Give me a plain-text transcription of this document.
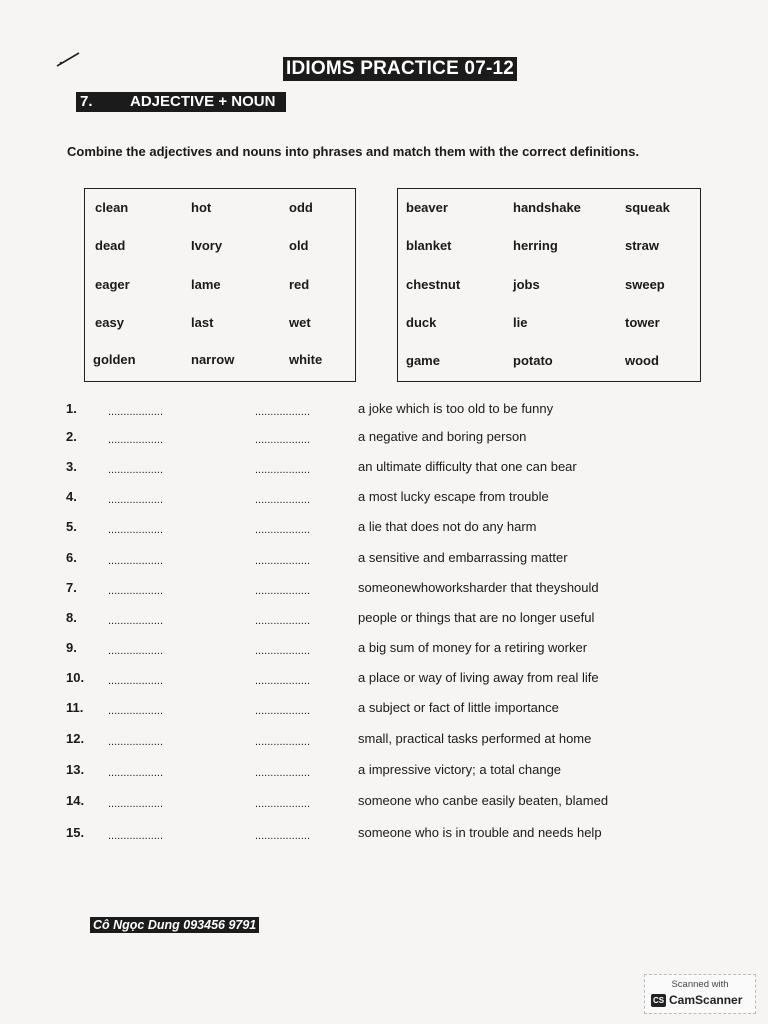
IDIOMS PRACTICE 07-12
7. ADJECTIVE + NOUN
Combine the adjectives and nouns into phrases and match them with the correct definitions.
clean	hot	odd
dead	Ivory	old
eager	lame	red
easy	last	wet
golden	narrow	white
beaver	handshake	squeak
blanket	herring	straw
chestnut	jobs	sweep
duck	lie	tower
game	potato	wood
1.	..................	..................	a joke which is too old to be funny
2.	..................	..................	a negative and boring person
3.	..................	..................	an ultimate difficulty that one can bear
4.	..................	..................	a most lucky escape from trouble
5.	..................	..................	a lie that does not do any harm
6.	..................	..................	a sensitive and embarrassing matter
7.	..................	..................	someonewhoworksharder that theyshould
8.	..................	..................	people or things that are no longer useful
9.	..................	..................	a big sum of money for a retiring worker
10.	..................	..................	a place or way of living away from real life
11.	..................	..................	a subject or fact of little importance
12.	..................	..................	small, practical tasks performed at home
13.	..................	..................	a impressive victory; a total change
14.	..................	..................	someone who canbe easily beaten, blamed
15.	..................	..................	someone who is in trouble and needs help
Cô Ngọc Dung 093456 9791
Scanned with
CS CamScanner
